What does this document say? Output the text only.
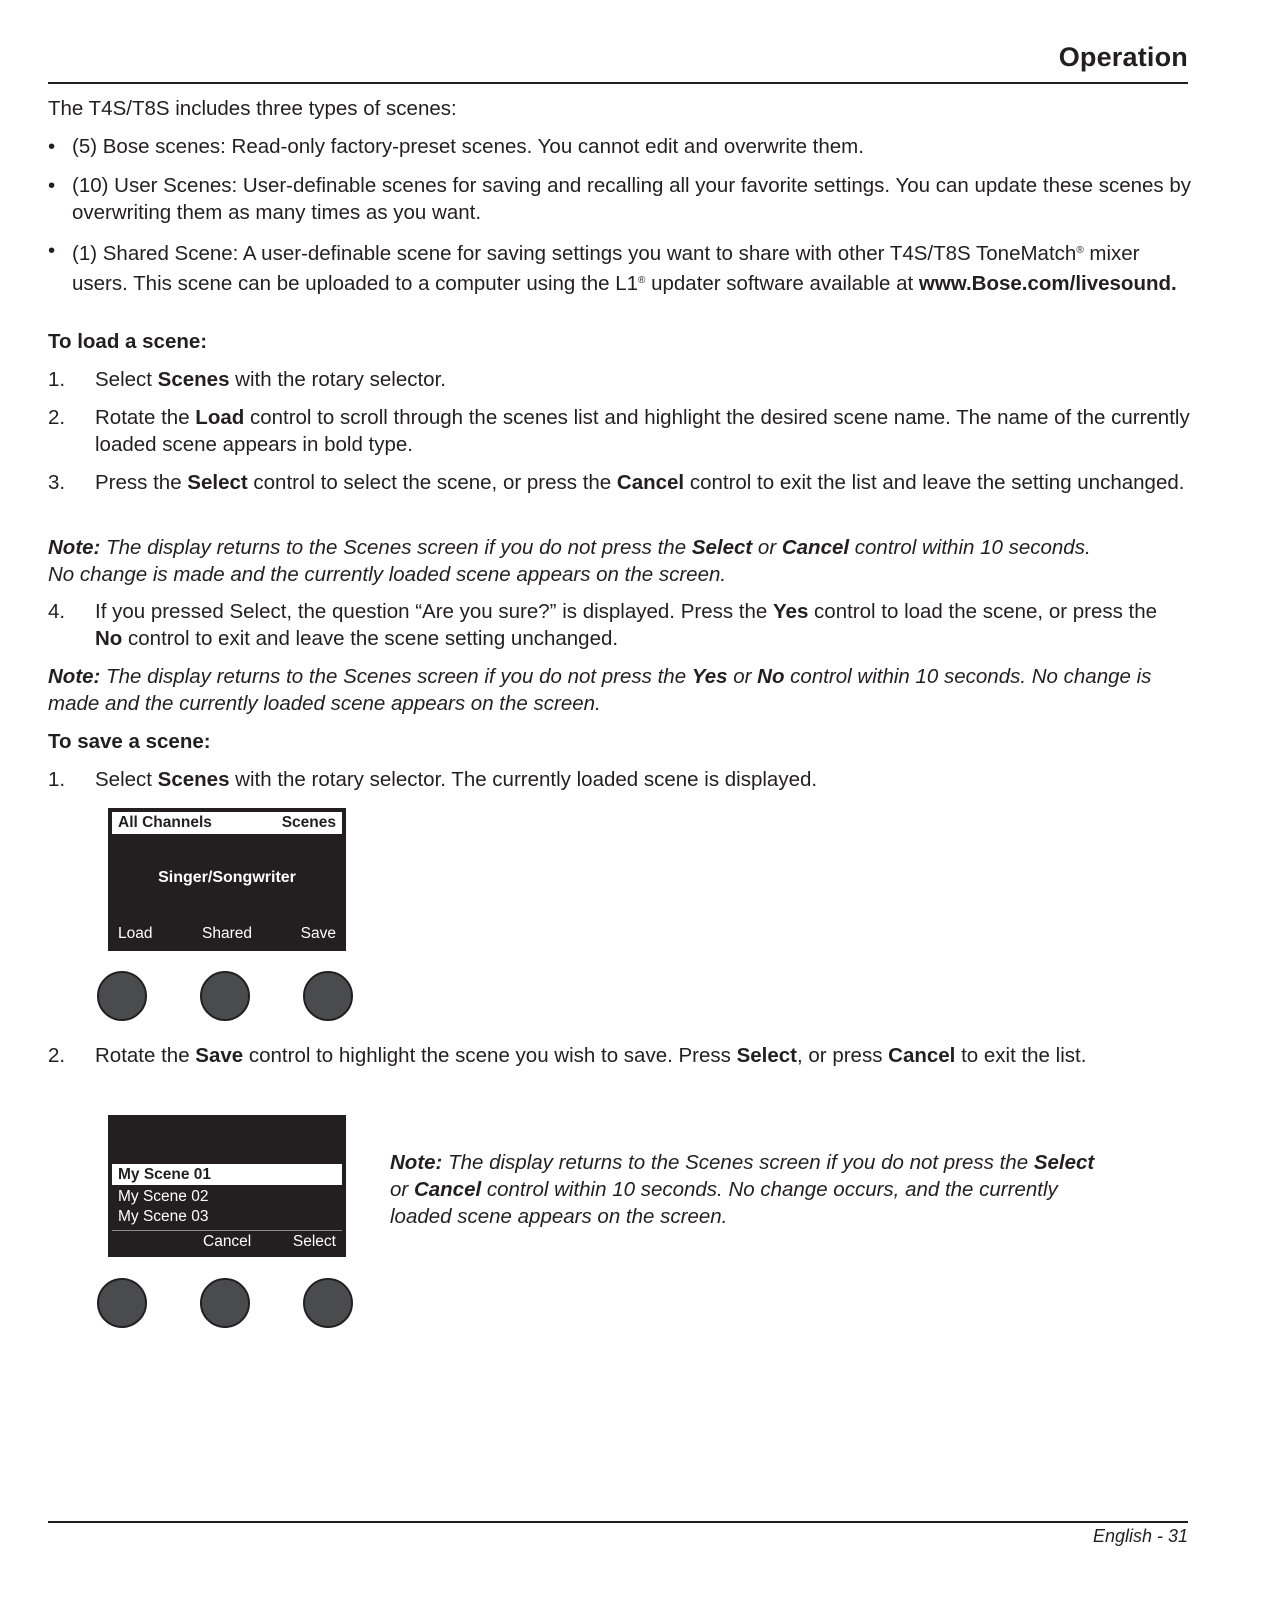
Operation

The T4S/T8S includes three types of scenes:

• (5) Bose scenes: Read-only factory-preset scenes. You cannot edit and overwrite them.
• (10) User Scenes: User-definable scenes for saving and recalling all your favorite settings. You can update these scenes by overwriting them as many times as you want.
• (1) Shared Scene: A user-definable scene for saving settings you want to share with other T4S/T8S ToneMatch® mixer users. This scene can be uploaded to a computer using the L1® updater software available at www.Bose.com/livesound.
To load a scene:
1. Select Scenes with the rotary selector.
2. Rotate the Load control to scroll through the scenes list and highlight the desired scene name. The name of the currently loaded scene appears in bold type.
3. Press the Select control to select the scene, or press the Cancel control to exit the list and leave the setting unchanged.

Note: The display returns to the Scenes screen if you do not press the Select or Cancel control within 10 seconds. No change is made and the currently loaded scene appears on the screen.

4. If you pressed Select, the question “Are you sure?” is displayed. Press the Yes control to load the scene, or press the No control to exit and leave the scene setting unchanged.

Note: The display returns to the Scenes screen if you do not press the Yes or No control within 10 seconds. No change is made and the currently loaded scene appears on the screen.

To save a scene:
1. Select Scenes with the rotary selector. The currently loaded scene is displayed.
All Channels	Scenes
Singer/Songwriter
Load	Shared	Save
2. Rotate the Save control to highlight the scene you wish to save. Press Select, or press Cancel to exit the list.
My Scene 01
My Scene 02
My Scene 03
Cancel	Select
Note: The display returns to the Scenes screen if you do not press the Select or Cancel control within 10 seconds. No change occurs, and the currently loaded scene appears on the screen.
English - 31
